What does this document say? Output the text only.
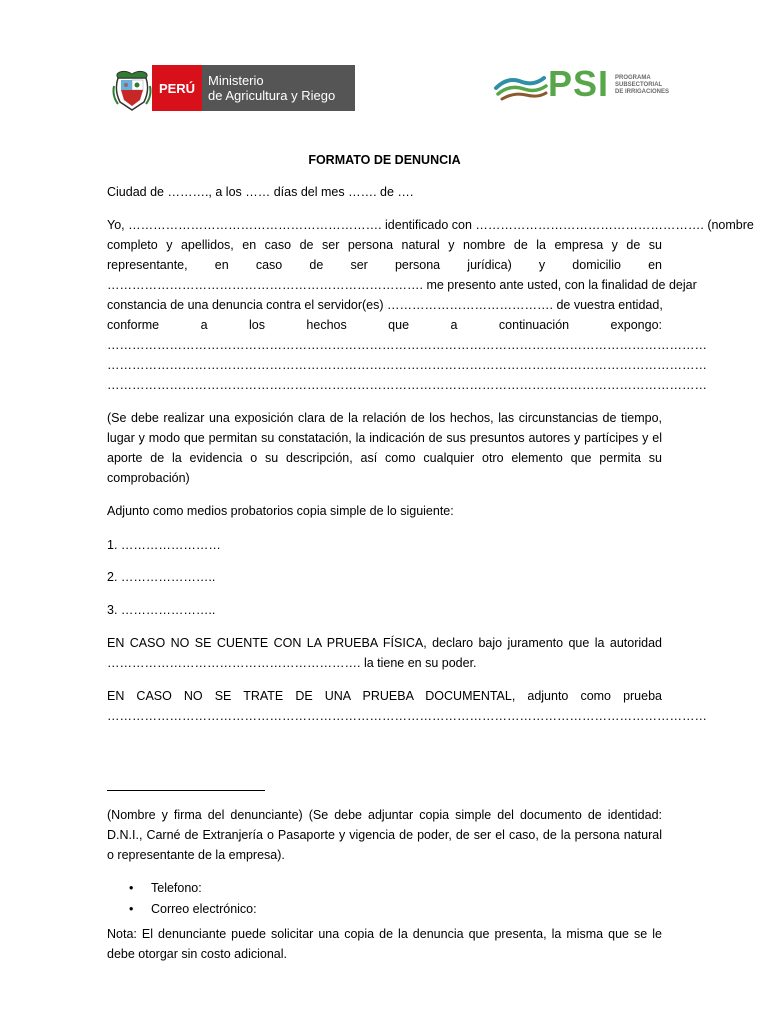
PERÚ Ministerio
de Agricultura y Riego	PSI PROGRAMA
SUBSECTORIAL
DE IRRIGACIONES
FORMATO DE DENUNCIA

Ciudad de ………., a los …… días del mes ……. de ….

Yo, ……………………………………………………. identificado con ………………………………………………. (nombre
completo y apellidos, en caso de ser persona natural y nombre de la empresa y de su
representante, en caso de ser persona jurídica) y domicilio en
…………………………………………………………………. me presento ante usted, con la finalidad de dejar
constancia de una denuncia contra el servidor(es) …………………………………. de vuestra entidad,
conforme a los hechos que a continuación expongo:
………………………………………………………………………………………………………………………………
………………………………………………………………………………………………………………………………
………………………………………………………………………………………………………………………………

(Se debe realizar una exposición clara de la relación de los hechos, las circunstancias de tiempo, lugar y modo que permitan su constatación, la indicación de sus presuntos autores y partícipes y el aporte de la evidencia o su descripción, así como cualquier otro elemento que permita su comprobación)

Adjunto como medios probatorios copia simple de lo siguiente:

1. ……………………

2. …………………..

3. …………………..

EN CASO NO SE CUENTE CON LA PRUEBA FÍSICA, declaro bajo juramento que la autoridad
……………………………………………………. la tiene en su poder.
EN CASO NO SE TRATE DE UNA PRUEBA DOCUMENTAL, adjunto como prueba
………………………………………………………………………………………………………………………………

(Nombre y firma del denunciante) (Se debe adjuntar copia simple del documento de identidad: D.N.I., Carné de Extranjería o Pasaporte y vigencia de poder, de ser el caso, de la persona natural o representante de la empresa).

• Telefono:
• Correo electrónico:

Nota: El denunciante puede solicitar una copia de la denuncia que presenta, la misma que se le debe otorgar sin costo adicional.
